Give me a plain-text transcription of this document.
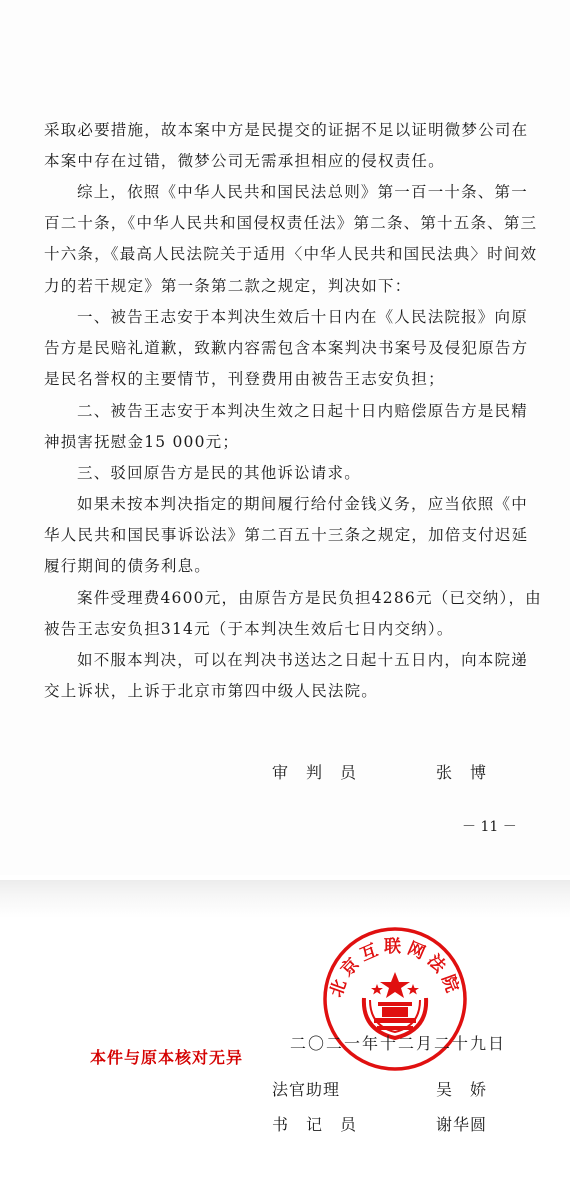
采取必要措施，故本案中方是民提交的证据不足以证明微梦公司在本案中存在过错，微梦公司无需承担相应的侵权责任。

综上，依照《中华人民共和国民法总则》第一百一十条、第一百二十条，《中华人民共和国侵权责任法》第二条、第十五条、第三十六条，《最高人民法院关于适用〈中华人民共和国民法典〉时间效力的若干规定》第一条第二款之规定，判决如下：

一、被告王志安于本判决生效后十日内在《人民法院报》向原告方是民赔礼道歉，致歉内容需包含本案判决书案号及侵犯原告方是民名誉权的主要情节，刊登费用由被告王志安负担；

二、被告王志安于本判决生效之日起十日内赔偿原告方是民精神损害抚慰金15 000元；

三、驳回原告方是民的其他诉讼请求。

如果未按本判决指定的期间履行给付金钱义务，应当依照《中华人民共和国民事诉讼法》第二百五十三条之规定，加倍支付迟延履行期间的债务利息。

案件受理费4600元，由原告方是民负担4286元（已交纳），由被告王志安负担314元（于本判决生效后七日内交纳）。

如不服本判决，可以在判决书送达之日起十五日内，向本院递交上诉状，上诉于北京市第四中级人民法院。

审　判　员	张　博
－ 11 －
北京互联网法院
二〇二一年十二月二十九日
本件与原本核对无异
法官助理	吴　娇
书　记　员	谢华圆
